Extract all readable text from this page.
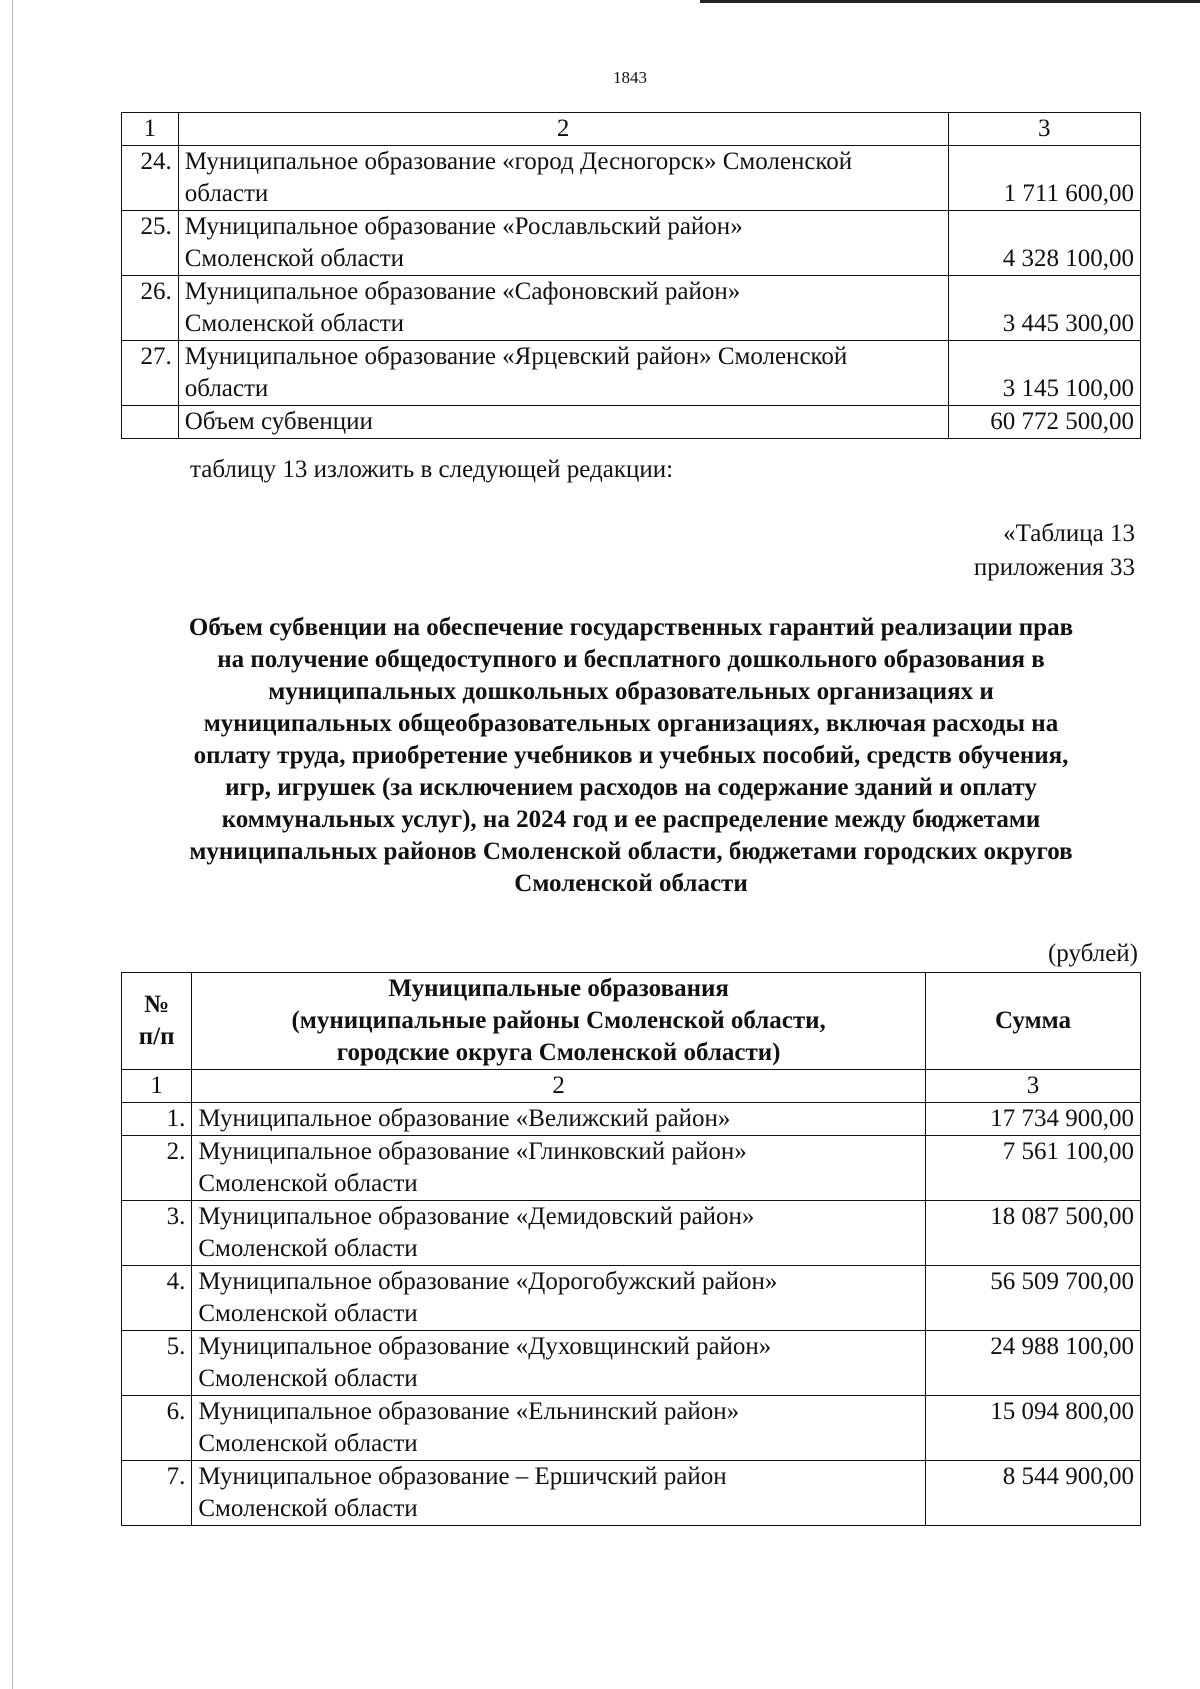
1843
1	2	3
24.	Муниципальное образование «город Десногорск» Смоленской
области	1 711 600,00
25.	Муниципальное образование «Рославльский район»
Смоленской области	4 328 100,00
26.	Муниципальное образование «Сафоновский район»
Смоленской области	3 445 300,00
27.	Муниципальное образование «Ярцевский район» Смоленской
области	3 145 100,00
	Объем субвенции	60 772 500,00
таблицу 13 изложить в следующей редакции:
«Таблица 13
приложения 33
Объем субвенции на обеспечение государственных гарантий реализации прав
на получение общедоступного и бесплатного дошкольного образования в
муниципальных дошкольных образовательных организациях и
муниципальных общеобразовательных организациях, включая расходы на
оплату труда, приобретение учебников и учебных пособий, средств обучения,
игр, игрушек (за исключением расходов на содержание зданий и оплату
коммунальных услуг), на 2024 год и ее распределение между бюджетами
муниципальных районов Смоленской области, бюджетами городских округов
Смоленской области
(рублей)
№
п/п	Муниципальные образования
(муниципальные районы Смоленской области,
городские округа Смоленской области)	Сумма
1	2	3
1.	Муниципальное образование «Велижский район»	17 734 900,00
2.	Муниципальное образование «Глинковский район»
Смоленской области	7 561 100,00
3.	Муниципальное образование «Демидовский район»
Смоленской области	18 087 500,00
4.	Муниципальное образование «Дорогобужский район»
Смоленской области	56 509 700,00
5.	Муниципальное образование «Духовщинский район»
Смоленской области	24 988 100,00
6.	Муниципальное образование «Ельнинский район»
Смоленской области	15 094 800,00
7.	Муниципальное образование – Ершичский район
Смоленской области	8 544 900,00
